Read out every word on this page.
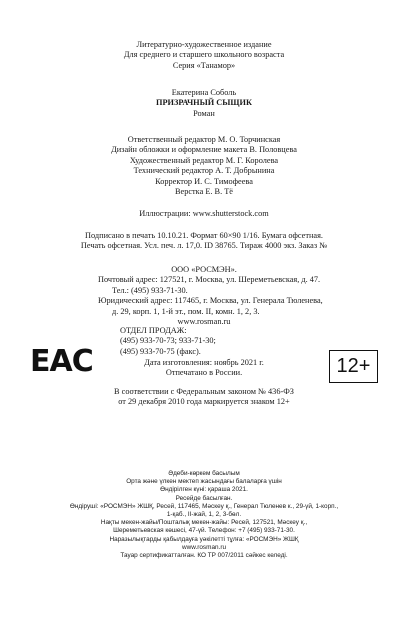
Литературно-художественное издание
Для среднего и старшего школьного возраста
Серия «Танамор»
Екатерина Соболь
ПРИЗРАЧНЫЙ СЫЩИК
Роман
Ответственный редактор М. О. Торчинская
Дизайн обложки и оформление макета В. Половцева
Художественный редактор М. Г. Королева
Технический редактор А. Т. Добрынина
Корректор И. С. Тимофеева
Верстка Е. В. Тё
Иллюстрации: www.shutterstock.com
Подписано в печать 10.10.21. Формат 60×90 1/16. Бумага офсетная.
Печать офсетная. Усл. печ. л. 17,0. ID 38765. Тираж 4000 экз. Заказ №
ООО «РОСМЭН».
Почтовый адрес: 127521, г. Москва, ул. Шереметьевская, д. 47.
Тел.: (495) 933-71-30.
Юридический адрес: 117465, г. Москва, ул. Генерала Тюленева,
д. 29, корп. 1, 1-й эт., пом. II, комн. 1, 2, 3.
www.rosman.ru
ОТДЕЛ ПРОДАЖ:
(495) 933-70-73; 933-71-30;
(495) 933-70-75 (факс).
EAC	Дата изготовления: ноябрь 2021 г.
Отпечатано в России.	12+
В соответствии с Федеральным законом № 436-ФЗ
от 29 декабря 2010 года маркируется знаком 12+
Әдеби-көркем басылым
Орта және үлкен мектеп жасындағы балаларға үшін
Өндірілген күні: қараша 2021.
Ресейде басылған.
Өндіруші: «РОСМЭН» ЖШҚ, Ресей, 117465, Мәскеу қ., Генерал Тюленев к., 29-үй, 1-корп.,
1-қаб., II-жай, 1, 2, 3-бөл.
Нақты мекен-жайы/Пошталық мекен-жайы: Ресей, 127521, Мәскеу қ.,
Шереметьевская көшесі, 47-үй. Телефон: +7 (495) 933-71-30.
Наразылықтарды қабылдауға уәкілетті тұлға: «РОСМЭН» ЖШҚ
www.rosman.ru
Тауар сертификатталған. КО ТР 007/2011 сәйкес келеді.
